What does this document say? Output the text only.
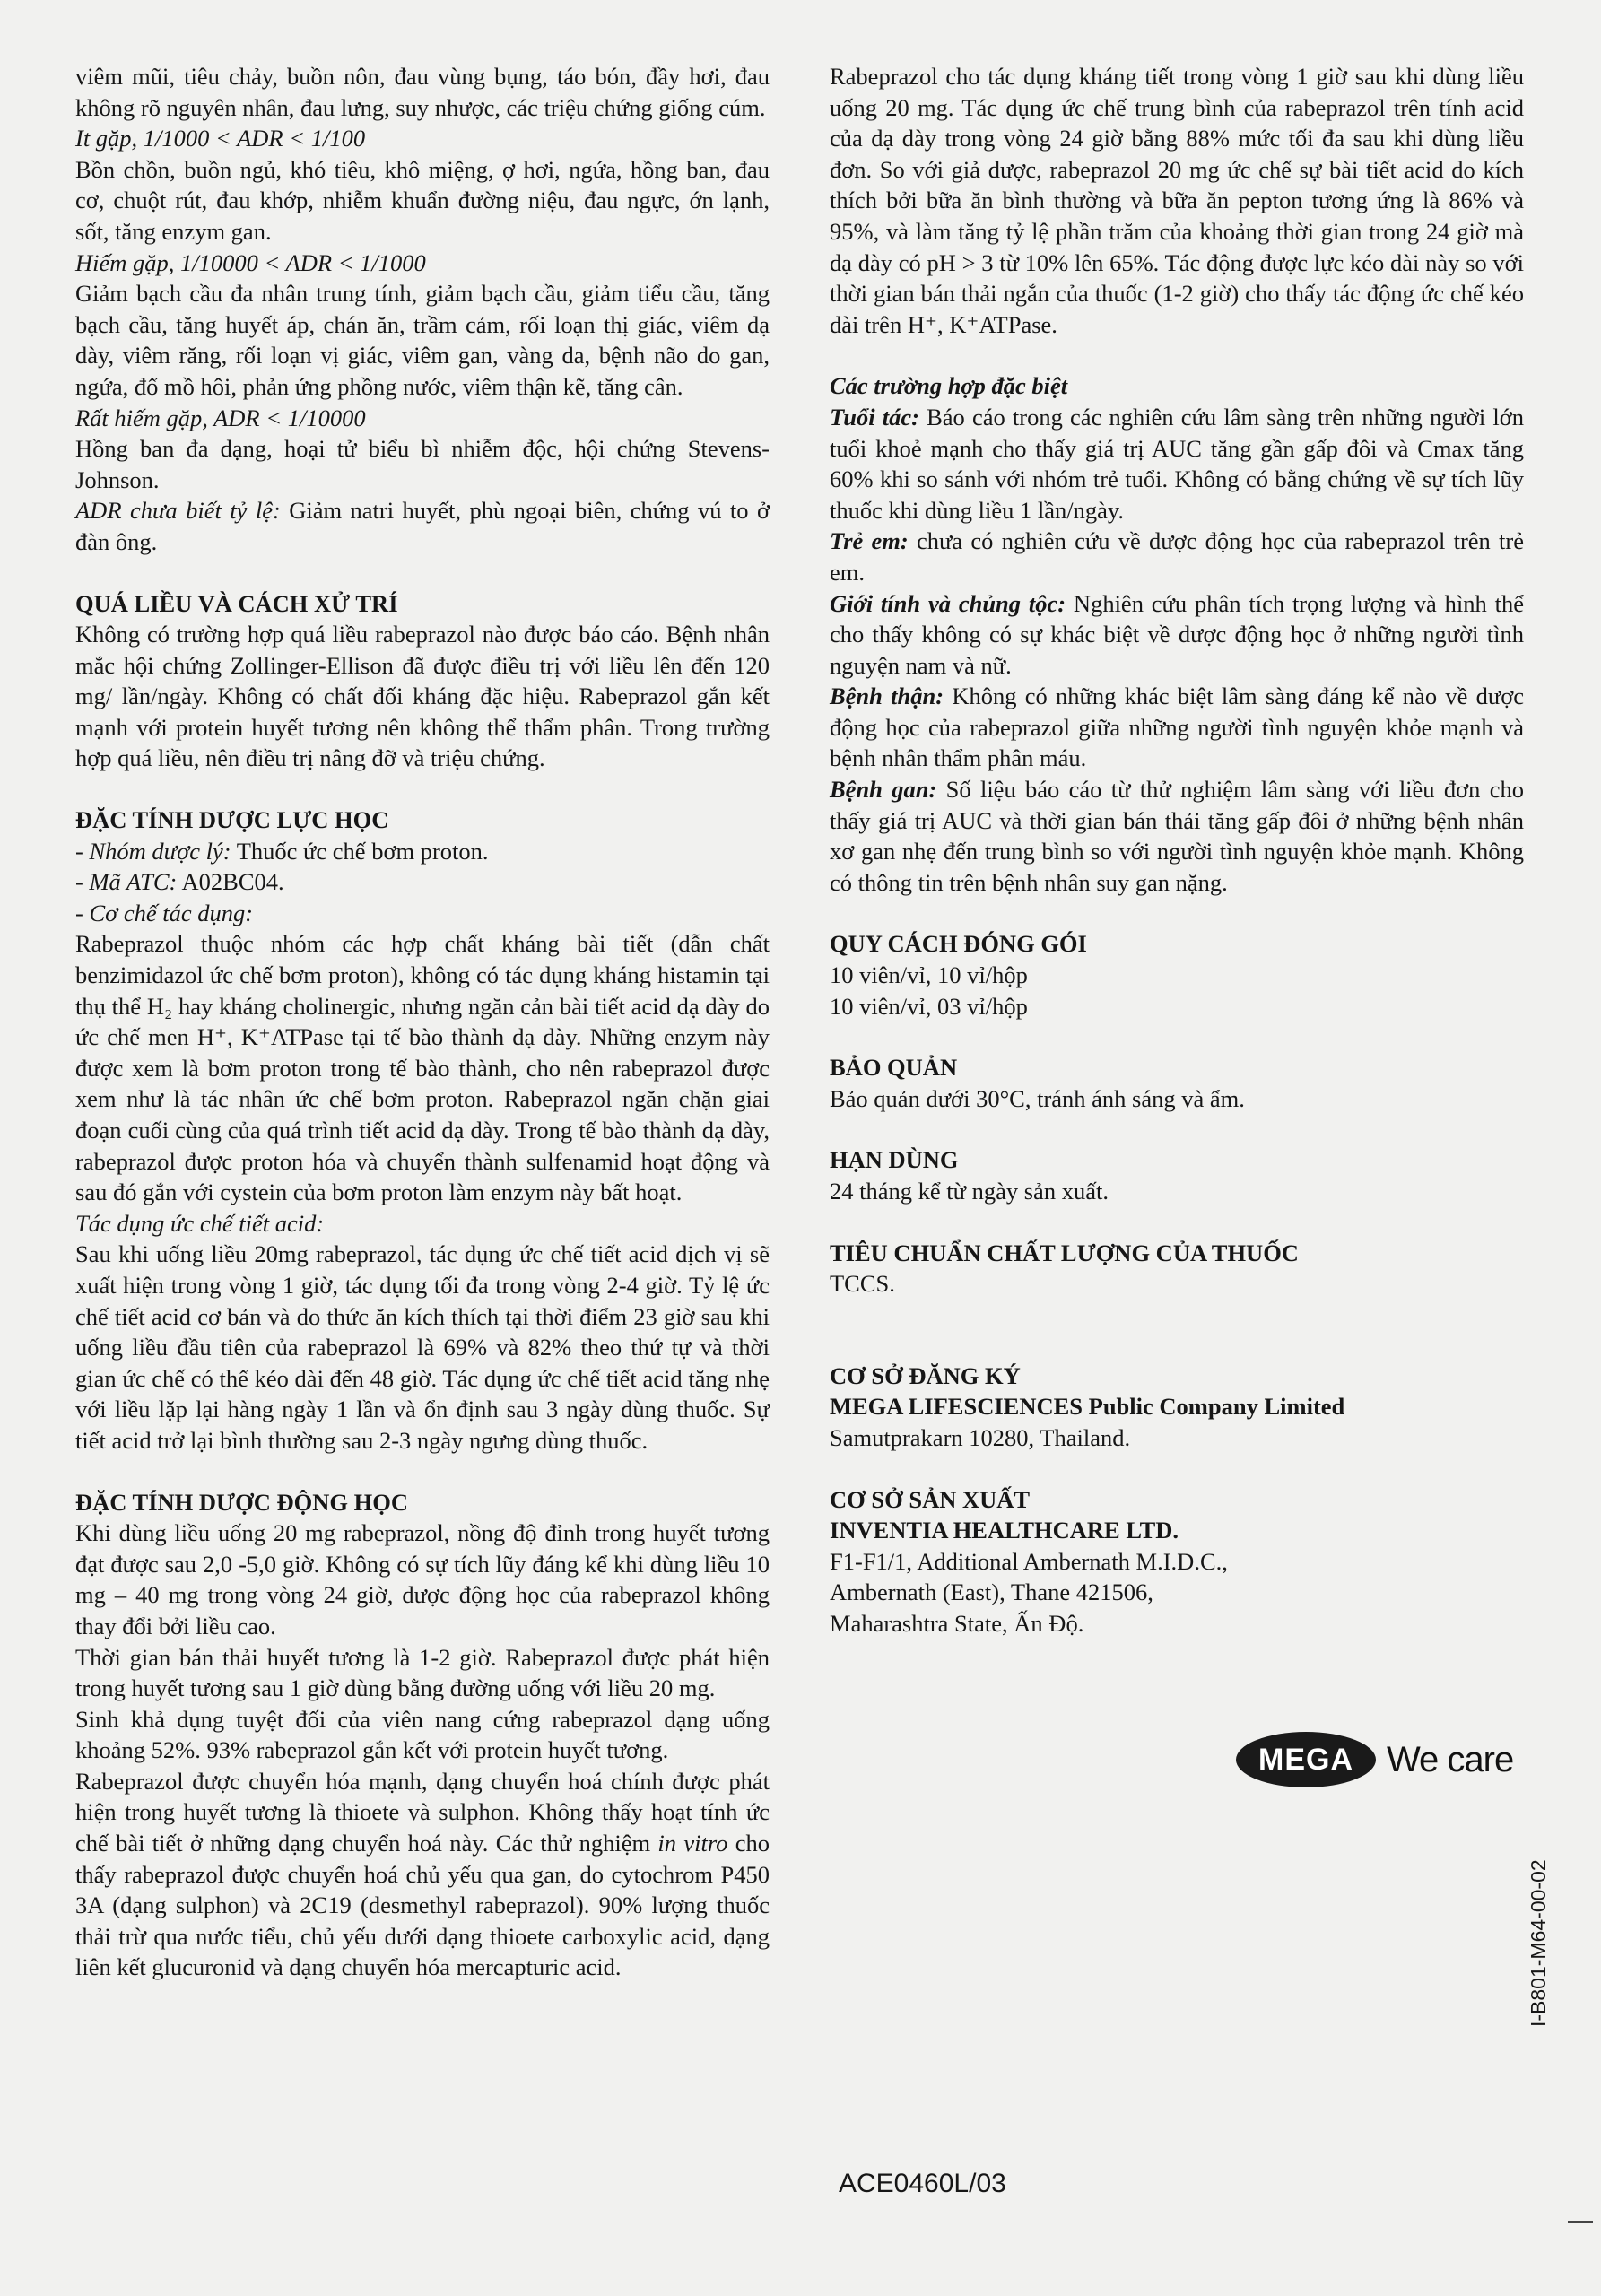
viêm mũi, tiêu chảy, buồn nôn, đau vùng bụng, táo bón, đầy hơi, đau không rõ nguyên nhân, đau lưng, suy nhược, các triệu chứng giống cúm.

It gặp, 1/1000 < ADR < 1/100

Bồn chồn, buồn ngủ, khó tiêu, khô miệng, ợ hơi, ngứa, hồng ban, đau cơ, chuột rút, đau khớp, nhiễm khuẩn đường niệu, đau ngực, ớn lạnh, sốt, tăng enzym gan.

Hiếm gặp, 1/10000 < ADR < 1/1000

Giảm bạch cầu đa nhân trung tính, giảm bạch cầu, giảm tiểu cầu, tăng bạch cầu, tăng huyết áp, chán ăn, trầm cảm, rối loạn thị giác, viêm dạ dày, viêm răng, rối loạn vị giác, viêm gan, vàng da, bệnh não do gan, ngứa, đổ mồ hôi, phản ứng phồng nước, viêm thận kẽ, tăng cân.

Rất hiếm gặp, ADR < 1/10000

Hồng ban đa dạng, hoại tử biểu bì nhiễm độc, hội chứng Stevens-Johnson.

ADR chưa biết tỷ lệ: Giảm natri huyết, phù ngoại biên, chứng vú to ở đàn ông.

QUÁ LIỀU VÀ CÁCH XỬ TRÍ

Không có trường hợp quá liều rabeprazol nào được báo cáo. Bệnh nhân mắc hội chứng Zollinger-Ellison đã được điều trị với liều lên đến 120 mg/ lần/ngày. Không có chất đối kháng đặc hiệu. Rabeprazol gắn kết mạnh với protein huyết tương nên không thể thẩm phân. Trong trường hợp quá liều, nên điều trị nâng đỡ và triệu chứng.

ĐẶC TÍNH DƯỢC LỰC HỌC

- Nhóm dược lý: Thuốc ức chế bơm proton.

- Mã ATC: A02BC04.

- Cơ chế tác dụng:

Rabeprazol thuộc nhóm các hợp chất kháng bài tiết (dẫn chất benzimidazol ức chế bơm proton), không có tác dụng kháng histamin tại thụ thể H₂ hay kháng cholinergic, nhưng ngăn cản bài tiết acid dạ dày do ức chế men H⁺, K⁺ATPase tại tế bào thành dạ dày. Những enzym này được xem là bơm proton trong tế bào thành, cho nên rabeprazol được xem như là tác nhân ức chế bơm proton. Rabeprazol ngăn chặn giai đoạn cuối cùng của quá trình tiết acid dạ dày. Trong tế bào thành dạ dày, rabeprazol được proton hóa và chuyển thành sulfenamid hoạt động và sau đó gắn với cystein của bơm proton làm enzym này bất hoạt.

Tác dụng ức chế tiết acid:

Sau khi uống liều 20mg rabeprazol, tác dụng ức chế tiết acid dịch vị sẽ xuất hiện trong vòng 1 giờ, tác dụng tối đa trong vòng 2-4 giờ. Tỷ lệ ức chế tiết acid cơ bản và do thức ăn kích thích tại thời điểm 23 giờ sau khi uống liều đầu tiên của rabeprazol là 69% và 82% theo thứ tự và thời gian ức chế có thể kéo dài đến 48 giờ. Tác dụng ức chế tiết acid tăng nhẹ với liều lặp lại hàng ngày 1 lần và ổn định sau 3 ngày dùng thuốc. Sự tiết acid trở lại bình thường sau 2-3 ngày ngưng dùng thuốc.

ĐẶC TÍNH DƯỢC ĐỘNG HỌC

Khi dùng liều uống 20 mg rabeprazol, nồng độ đỉnh trong huyết tương đạt được sau 2,0 -5,0 giờ. Không có sự tích lũy đáng kể khi dùng liều 10 mg – 40 mg trong vòng 24 giờ, dược động học của rabeprazol không thay đổi bởi liều cao.

Thời gian bán thải huyết tương là 1-2 giờ. Rabeprazol được phát hiện trong huyết tương sau 1 giờ dùng bằng đường uống với liều 20 mg.

Sinh khả dụng tuyệt đối của viên nang cứng rabeprazol dạng uống khoảng 52%. 93% rabeprazol gắn kết với protein huyết tương.

Rabeprazol được chuyển hóa mạnh, dạng chuyển hoá chính được phát hiện trong huyết tương là thioete và sulphon. Không thấy hoạt tính ức chế bài tiết ở những dạng chuyển hoá này. Các thử nghiệm in vitro cho thấy rabeprazol được chuyển hoá chủ yếu qua gan, do cytochrom P450 3A (dạng sulphon) và 2C19 (desmethyl rabeprazol). 90% lượng thuốc thải trừ qua nước tiểu, chủ yếu dưới dạng thioete carboxylic acid, dạng liên kết glucuronid và dạng chuyển hóa mercapturic acid.

Rabeprazol cho tác dụng kháng tiết trong vòng 1 giờ sau khi dùng liều uống 20 mg. Tác dụng ức chế trung bình của rabeprazol trên tính acid của dạ dày trong vòng 24 giờ bằng 88% mức tối đa sau khi dùng liều đơn. So với giả dược, rabeprazol 20 mg ức chế sự bài tiết acid do kích thích bởi bữa ăn bình thường và bữa ăn pepton tương ứng là 86% và 95%, và làm tăng tỷ lệ phần trăm của khoảng thời gian trong 24 giờ mà dạ dày có pH > 3 từ 10% lên 65%. Tác động được lực kéo dài này so với thời gian bán thải ngắn của thuốc (1-2 giờ) cho thấy tác động ức chế kéo dài trên H⁺, K⁺ATPase.

Các trường hợp đặc biệt

Tuổi tác: Báo cáo trong các nghiên cứu lâm sàng trên những người lớn tuổi khoẻ mạnh cho thấy giá trị AUC tăng gần gấp đôi và Cmax tăng 60% khi so sánh với nhóm trẻ tuổi. Không có bằng chứng về sự tích lũy thuốc khi dùng liều 1 lần/ngày.

Trẻ em: chưa có nghiên cứu về dược động học của rabeprazol trên trẻ em.

Giới tính và chủng tộc: Nghiên cứu phân tích trọng lượng và hình thể cho thấy không có sự khác biệt về dược động học ở những người tình nguyện nam và nữ.

Bệnh thận: Không có những khác biệt lâm sàng đáng kể nào về dược động học của rabeprazol giữa những người tình nguyện khỏe mạnh và bệnh nhân thẩm phân máu.

Bệnh gan: Số liệu báo cáo từ thử nghiệm lâm sàng với liều đơn cho thấy giá trị AUC và thời gian bán thải tăng gấp đôi ở những bệnh nhân xơ gan nhẹ đến trung bình so với người tình nguyện khỏe mạnh. Không có thông tin trên bệnh nhân suy gan nặng.

QUY CÁCH ĐÓNG GÓI

10 viên/vỉ, 10 vỉ/hộp

10 viên/vỉ, 03 vỉ/hộp

BẢO QUẢN

Bảo quản dưới 30°C, tránh ánh sáng và ẩm.

HẠN DÙNG

24 tháng kể từ ngày sản xuất.

TIÊU CHUẨN CHẤT LƯỢNG CỦA THUỐC

TCCS.

CƠ SỞ ĐĂNG KÝ

MEGA LIFESCIENCES Public Company Limited

Samutprakarn 10280, Thailand.

CƠ SỞ SẢN XUẤT

INVENTIA HEALTHCARE LTD.

F1-F1/1, Additional Ambernath M.I.D.C.,

Ambernath (East), Thane 421506,

Maharashtra State, Ấn Độ.

MEGA We care
I-B801-M64-00-02
ACE0460L/03
